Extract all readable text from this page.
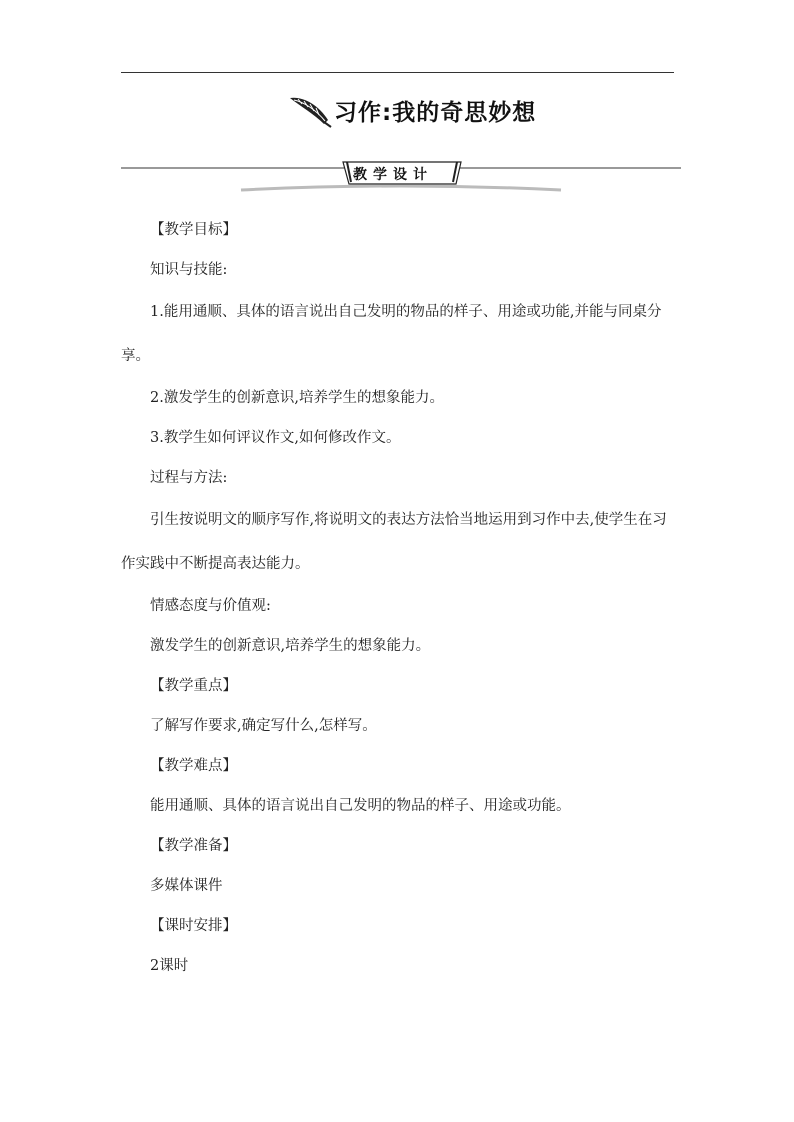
习作:我的奇思妙想
教学设计

【教学目标】

知识与技能:

1.能用通顺、具体的语言说出自己发明的物品的样子、用途或功能,并能与同桌分享。

2.激发学生的创新意识,培养学生的想象能力。

3.教学生如何评议作文,如何修改作文。

过程与方法:

引生按说明文的顺序写作,将说明文的表达方法恰当地运用到习作中去,使学生在习作实践中不断提高表达能力。

情感态度与价值观:

激发学生的创新意识,培养学生的想象能力。

【教学重点】

了解写作要求,确定写什么,怎样写。

【教学难点】

能用通顺、具体的语言说出自己发明的物品的样子、用途或功能。

【教学准备】

多媒体课件

【课时安排】

2课时
